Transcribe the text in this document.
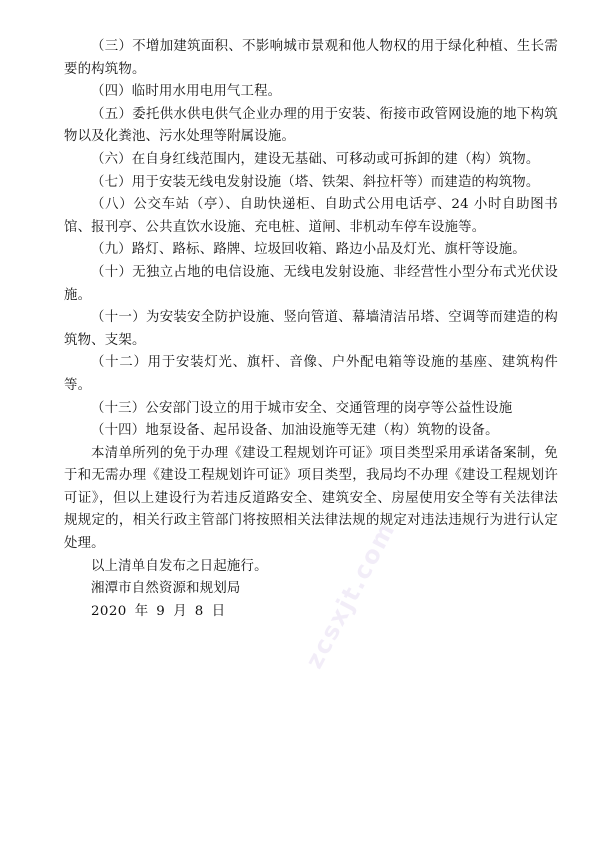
（三）不增加建筑面积、不影响城市景观和他人物权的用于绿化种植、生长需要的构筑物。

（四）临时用水用电用气工程。

（五）委托供水供电供气企业办理的用于安装、衔接市政管网设施的地下构筑物以及化粪池、污水处理等附属设施。

（六）在自身红线范围内，建设无基础、可移动或可拆卸的建（构）筑物。

（七）用于安装无线电发射设施（塔、铁架、斜拉杆等）而建造的构筑物。

（八）公交车站（亭）、自助快递柜、自助式公用电话亭、24 小时自助图书馆、报刊亭、公共直饮水设施、充电桩、道闸、非机动车停车设施等。

（九）路灯、路标、路牌、垃圾回收箱、路边小品及灯光、旗杆等设施。

（十）无独立占地的电信设施、无线电发射设施、非经营性小型分布式光伏设施。

（十一）为安装安全防护设施、竖向管道、幕墙清洁吊塔、空调等而建造的构筑物、支架。

（十二）用于安装灯光、旗杆、音像、户外配电箱等设施的基座、建筑构件等。

（十三）公安部门设立的用于城市安全、交通管理的岗亭等公益性设施

（十四）地泵设备、起吊设备、加油设施等无建（构）筑物的设备。

本清单所列的免于办理《建设工程规划许可证》项目类型采用承诺备案制，免于和无需办理《建设工程规划许可证》项目类型，我局均不办理《建设工程规划许可证》，但以上建设行为若违反道路安全、建筑安全、房屋使用安全等有关法律法规规定的，相关行政主管部门将按照相关法律法规的规定对违法违规行为进行认定处理。

以上清单自发布之日起施行。

湘潭市自然资源和规划局

2020 年 9 月 8 日	zcsxjt.com
